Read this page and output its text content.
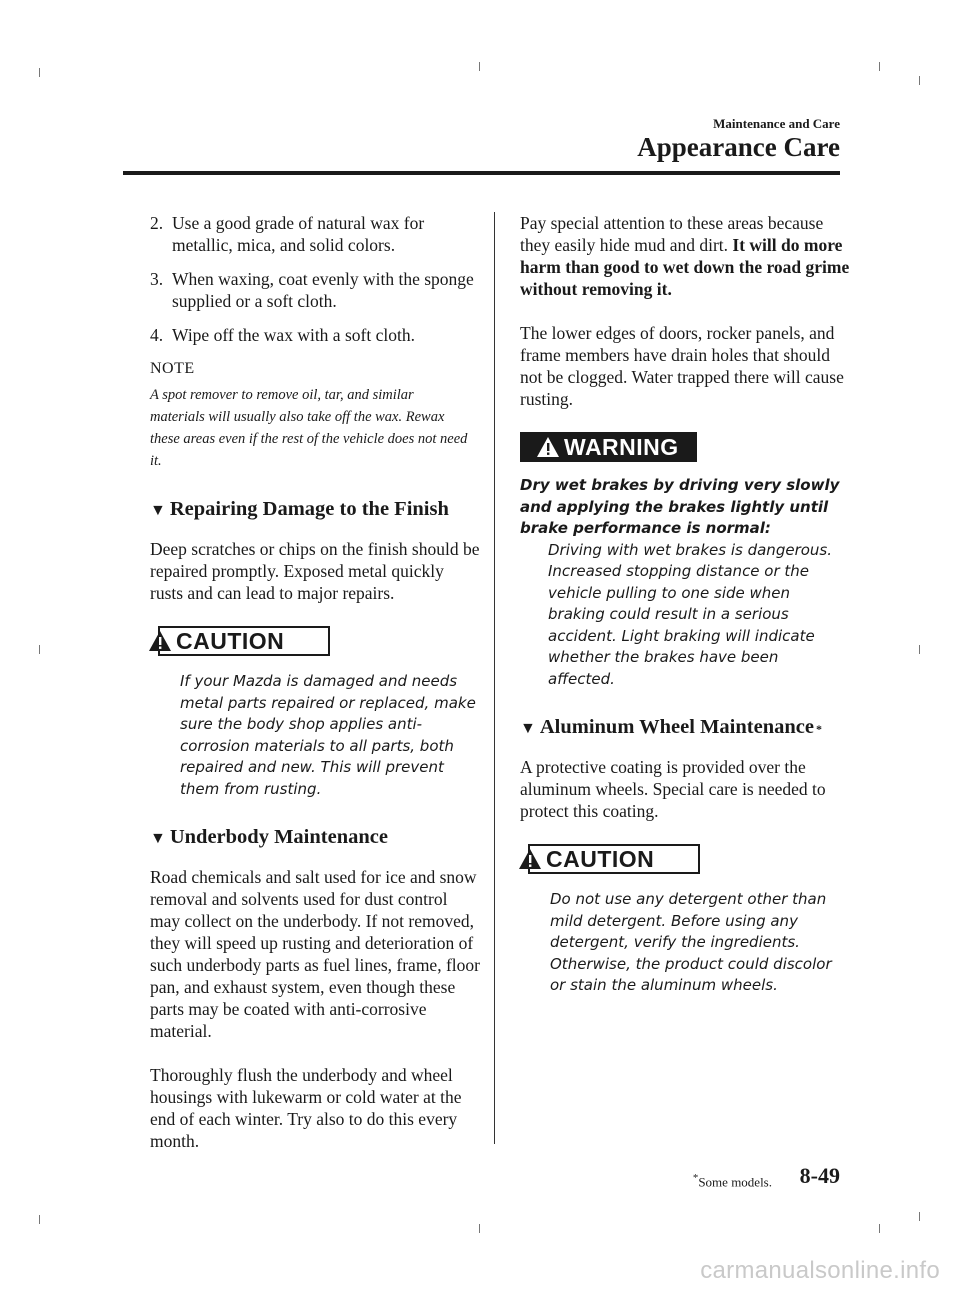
Maintenance and Care
Appearance Care
2. Use a good grade of natural wax for metallic, mica, and solid colors.
3. When waxing, coat evenly with the sponge supplied or a soft cloth.
4. Wipe off the wax with a soft cloth.

NOTE

A spot remover to remove oil, tar, and similar materials will usually also take off the wax. Rewax these areas even if the rest of the vehicle does not need it.

▼ Repairing Damage to the Finish

Deep scratches or chips on the finish should be repaired promptly. Exposed metal quickly rusts and can lead to major repairs.

CAUTION

If your Mazda is damaged and needs metal parts repaired or replaced, make sure the body shop applies anti-corrosion materials to all parts, both repaired and new. This will prevent them from rusting.

▼ Underbody Maintenance

Road chemicals and salt used for ice and snow removal and solvents used for dust control may collect on the underbody. If not removed, they will speed up rusting and deterioration of such underbody parts as fuel lines, frame, floor pan, and exhaust system, even though these parts may be coated with anti-corrosive material.

Thoroughly flush the underbody and wheel housings with lukewarm or cold water at the end of each winter. Try also to do this every month.

Pay special attention to these areas because they easily hide mud and dirt. It will do more harm than good to wet down the road grime without removing it.

The lower edges of doors, rocker panels, and frame members have drain holes that should not be clogged. Water trapped there will cause rusting.

WARNING

Dry wet brakes by driving very slowly and applying the brakes lightly until brake performance is normal:

Driving with wet brakes is dangerous. Increased stopping distance or the vehicle pulling to one side when braking could result in a serious accident. Light braking will indicate whether the brakes have been affected.

▼ Aluminum Wheel Maintenance *

A protective coating is provided over the aluminum wheels. Special care is needed to protect this coating.

CAUTION

Do not use any detergent other than mild detergent. Before using any detergent, verify the ingredients. Otherwise, the product could discolor or stain the aluminum wheels.

*Some models. 8-49
carmanualsonline.info
